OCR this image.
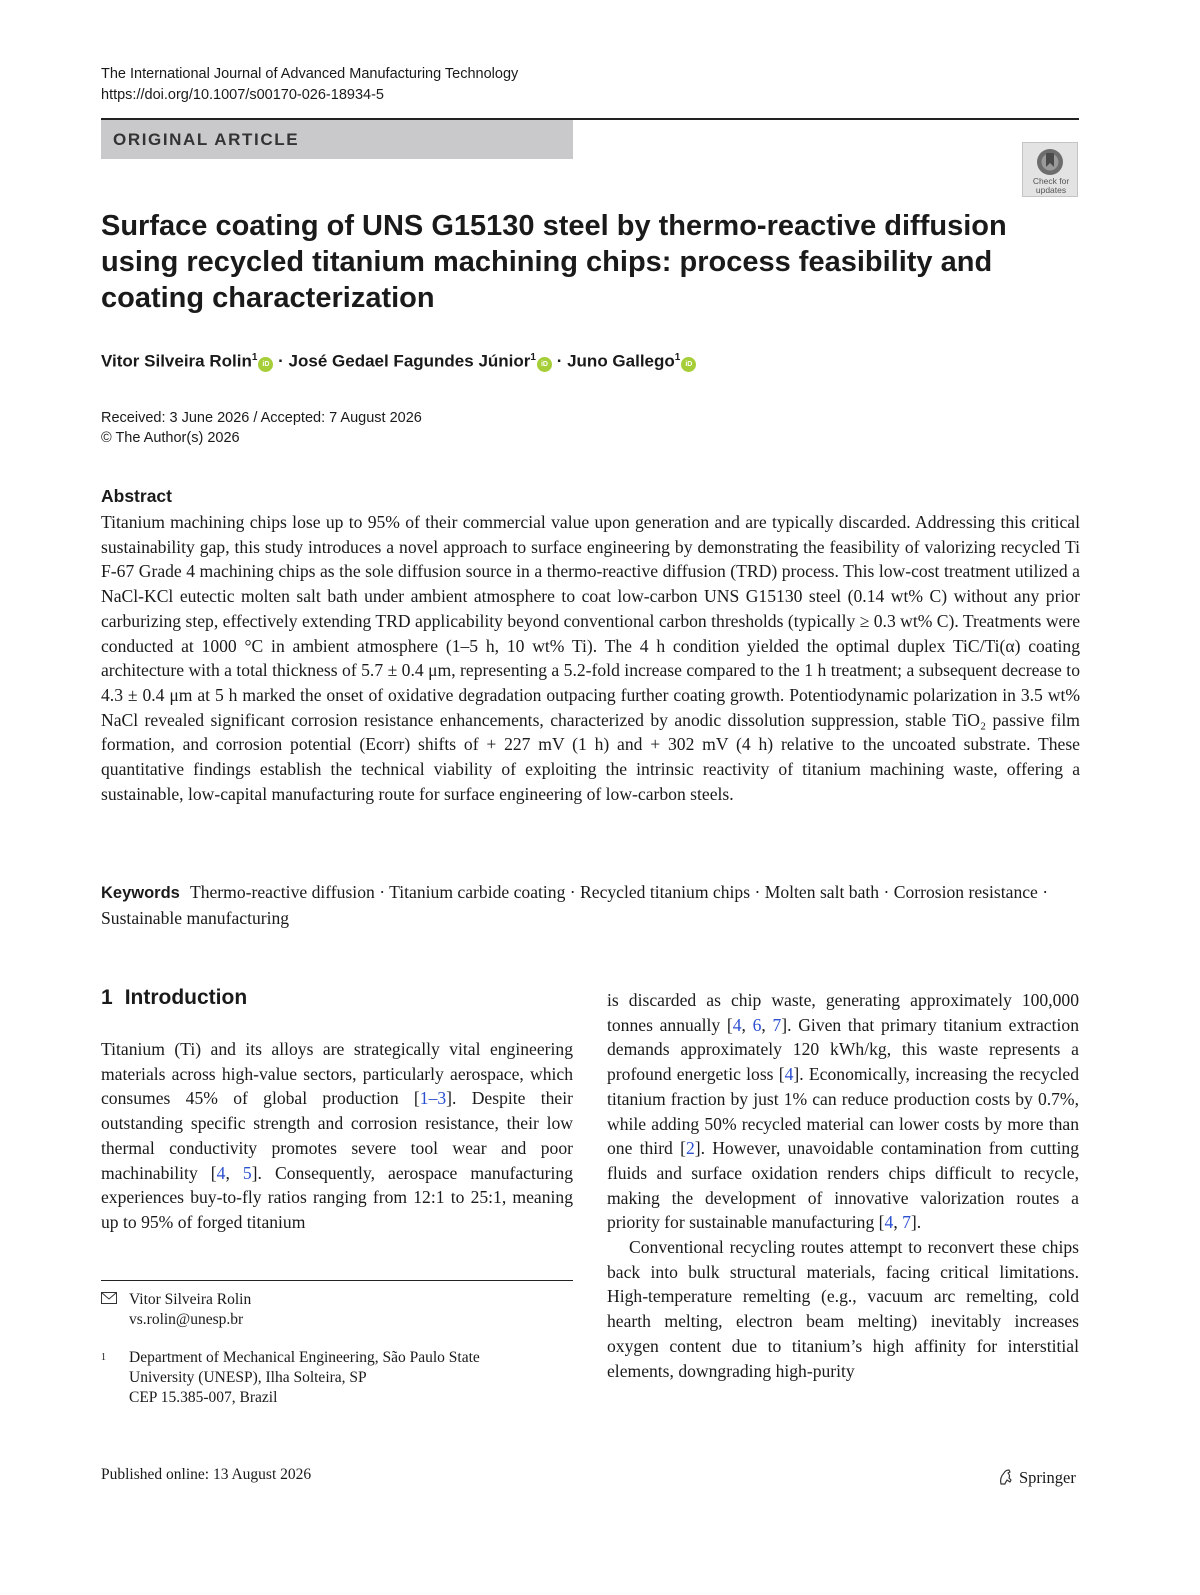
The International Journal of Advanced Manufacturing Technology
https://doi.org/10.1007/s00170-026-18934-5
ORIGINAL ARTICLE
Check for
updates
Surface coating of UNS G15130 steel by thermo-reactive diffusion
using recycled titanium machining chips: process feasibility and
coating characterization
Vitor Silveira Rolin$^1$iD · José Gedael Fagundes Júnior$^1$iD · Juno Gallego$^1$iD
Received: 3 June 2026 / Accepted: 7 August 2026
© The Author(s) 2026
Abstract
Titanium machining chips lose up to 95% of their commercial value upon generation and are typically discarded. Addressing this critical sustainability gap, this study introduces a novel approach to surface engineering by demonstrating the feasibility of valorizing recycled Ti F-67 Grade 4 machining chips as the sole diffusion source in a thermo-reactive diffusion (TRD) process. This low-cost treatment utilized a NaCl-KCl eutectic molten salt bath under ambient atmosphere to coat low-carbon UNS G15130 steel (0.14 wt% C) without any prior carburizing step, effectively extending TRD applicability beyond conventional carbon thresholds (typically ≥ 0.3 wt% C). Treatments were conducted at 1000 °C in ambient atmosphere (1–5 h, 10 wt% Ti). The 4 h condition yielded the optimal duplex TiC/Ti(α) coating architecture with a total thickness of 5.7 ± 0.4 μm, representing a 5.2-fold increase compared to the 1 h treatment; a subsequent decrease to 4.3 ± 0.4 μm at 5 h marked the onset of oxidative degradation outpacing further coating growth. Potentiodynamic polarization in 3.5 wt% NaCl revealed significant corrosion resistance enhancements, characterized by anodic dissolution suppression, stable TiO₂ passive film formation, and corrosion potential (Ecorr) shifts of + 227 mV (1 h) and + 302 mV (4 h) relative to the uncoated substrate. These quantitative findings establish the technical viability of exploiting the intrinsic reactivity of titanium machining waste, offering a sustainable, low-capital manufacturing route for surface engineering of low-carbon steels.
Keywords Thermo-reactive diffusion · Titanium carbide coating · Recycled titanium chips · Molten salt bath · Corrosion resistance · Sustainable manufacturing
1 Introduction

Titanium (Ti) and its alloys are strategically vital engineering materials across high-value sectors, particularly aerospace, which consumes 45% of global production [1–3]. Despite their outstanding specific strength and corrosion resistance, their low thermal conductivity promotes severe tool wear and poor machinability [4, 5]. Consequently, aerospace manufacturing experiences buy-to-fly ratios ranging from 12:1 to 25:1, meaning up to 95% of forged titanium

is discarded as chip waste, generating approximately 100,000 tonnes annually [4, 6, 7]. Given that primary titanium extraction demands approximately 120 kWh/kg, this waste represents a profound energetic loss [4]. Economically, increasing the recycled titanium fraction by just 1% can reduce production costs by 0.7%, while adding 50% recycled material can lower costs by more than one third [2]. However, unavoidable contamination from cutting fluids and surface oxidation renders chips difficult to recycle, making the development of innovative valorization routes a priority for sustainable manufacturing [4, 7].

Conventional recycling routes attempt to reconvert these chips back into bulk structural materials, facing critical limitations. High-temperature remelting (e.g., vacuum arc remelting, cold hearth melting, electron beam melting) inevitably increases oxygen content due to titanium’s high affinity for interstitial elements, downgrading high-purity

Vitor Silveira Rolin
vs.rolin@unesp.br
1 Department of Mechanical Engineering, São Paulo State
University (UNESP), Ilha Solteira, SP
CEP 15.385-007, Brazil
Published online: 13 August 2026	Springer
